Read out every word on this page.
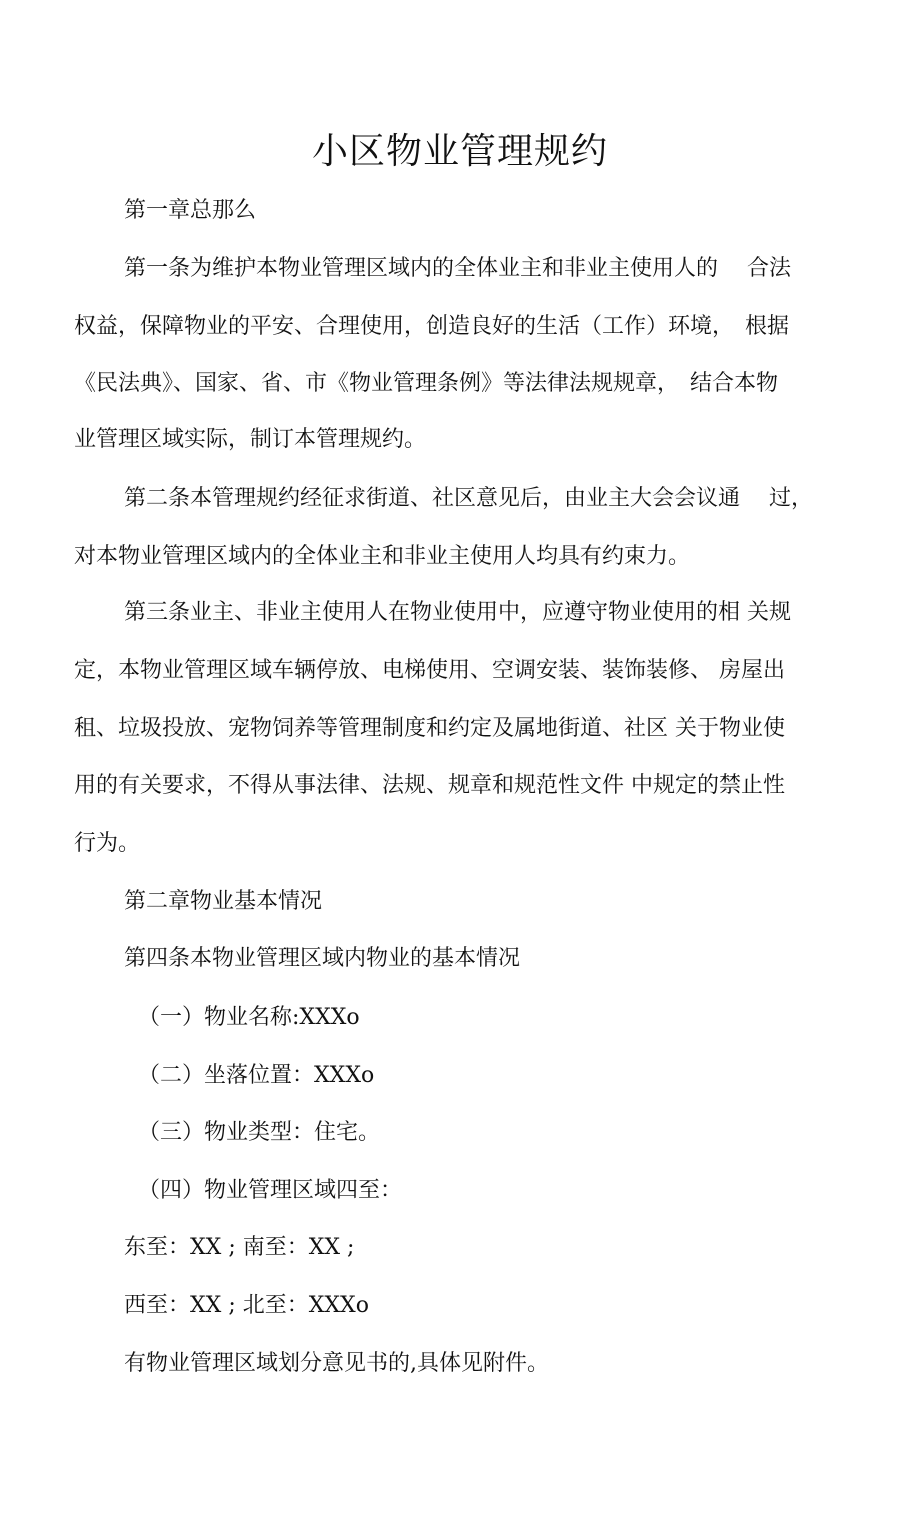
小区物业管理规约

第一章总那么

第一条为维护本物业管理区域内的全体业主和非业主使用人的　 合法

权益，保障物业的平安、合理使用，创造良好的生活（工作）环境，　根据

《民法典》、国家、省、市《物业管理条例》等法律法规规章，　结合本物

业管理区域实际，制订本管理规约。

第二条本管理规约经征求街道、社区意见后，由业主大会会议通　 过，

对本物业管理区域内的全体业主和非业主使用人均具有约束力。

第三条业主、非业主使用人在物业使用中，应遵守物业使用的相 关规

定，本物业管理区域车辆停放、电梯使用、空调安装、装饰装修、 房屋出

租、垃圾投放、宠物饲养等管理制度和约定及属地街道、社区 关于物业使

用的有关要求，不得从事法律、法规、规章和规范性文件 中规定的禁止性

行为。

第二章物业基本情况

第四条本物业管理区域内物业的基本情况

（一）物业名称:XXXo

（二）坐落位置：XXXo

（三）物业类型：住宅。

（四）物业管理区域四至：

东至：XX ; 南至：XX ;

西至：XX ; 北至：XXXo

有物业管理区域划分意见书的,具体见附件。
